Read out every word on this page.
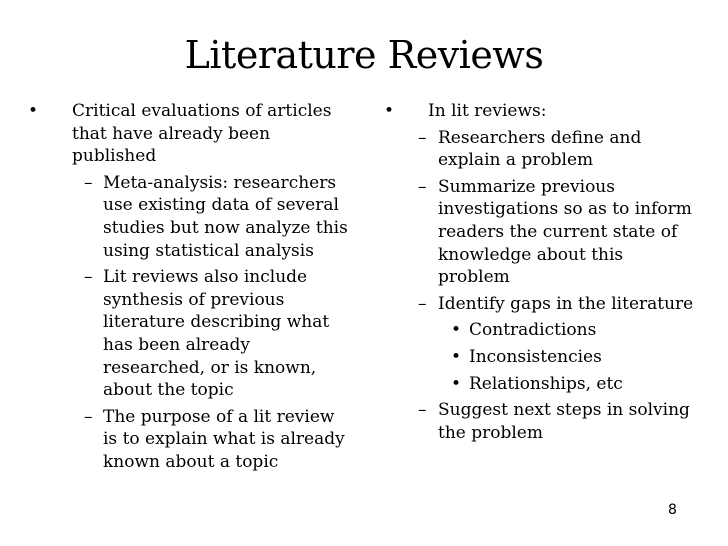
Literature Reviews
•	Critical evaluations of articles that have already been published
– Meta-analysis: researchers use existing data of several studies but now analyze this using statistical analysis
– Lit reviews also include synthesis of previous literature describing what has been already researched, or is known, about the topic
– The purpose of a lit review is to explain what is already known about a topic
•	In lit reviews:
– Researchers define and explain a problem
– Summarize previous investigations so as to inform readers the current state of knowledge about this problem
– Identify gaps in the literature
• Contradictions
• Inconsistencies
• Relationships, etc
– Suggest next steps in solving the problem
8
